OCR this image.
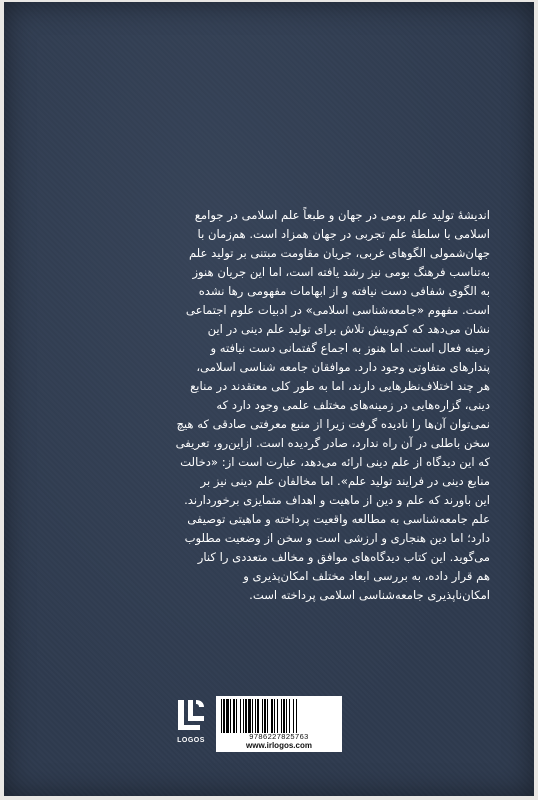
اندیشهٔ تولید علم بومی در جهان و طبعاً علم اسلامی در جوامع
اسلامی با سلطهٔ علم تجربی در جهان همزاد است. هم‌زمان با
جهان‌شمولی الگوهای غربی، جریان مقاومت مبتنی بر تولید علم
به‌تناسب فرهنگ بومی نیز رشد یافته است، اما این جریان هنوز
به الگوی شفافی دست نیافته و از ابهامات مفهومی رها نشده
است. مفهوم «جامعه‌شناسی اسلامی» در ادبیات علوم اجتماعی
نشان می‌دهد که کم‌وبیش تلاش برای تولید علم دینی در این
زمینه فعال است. اما هنوز به اجماع گفتمانی دست نیافته و
پندارهای متفاوتی وجود دارد. موافقان جامعه شناسی اسلامی،
هر چند اختلاف‌نظرهایی دارند، اما به طور کلی معتقدند در منابع
دینی، گزاره‌هایی در زمینه‌های مختلف علمی وجود دارد که
نمی‌توان آن‌ها را نادیده گرفت زیرا از منبع معرفتی صادقی که هیچ
سخن باطلی در آن راه ندارد، صادر گردیده است. ازاین‌رو، تعریفی
که این دیدگاه از علم دینی ارائه می‌دهد، عبارت است از: «دخالت
منابع دینی در فرایند تولید علم». اما مخالفان علم دینی نیز بر
این باورند که علم و دین از ماهیت و اهداف متمایزی برخوردارند.
علم جامعه‌شناسی به مطالعه واقعیت پرداخته و ماهیتی توصیفی
دارد؛ اما دین هنجاری و ارزشی است و سخن از وضعیت مطلوب
می‌گوید. این کتاب دیدگاه‌های موافق و مخالف متعددی را کنار
هم قرار داده، به بررسی ابعاد مختلف امکان‌پذیری و
امکان‌ناپذیری جامعه‌شناسی اسلامی پرداخته است.
LOGOS	9786227825763
www.irlogos.com
